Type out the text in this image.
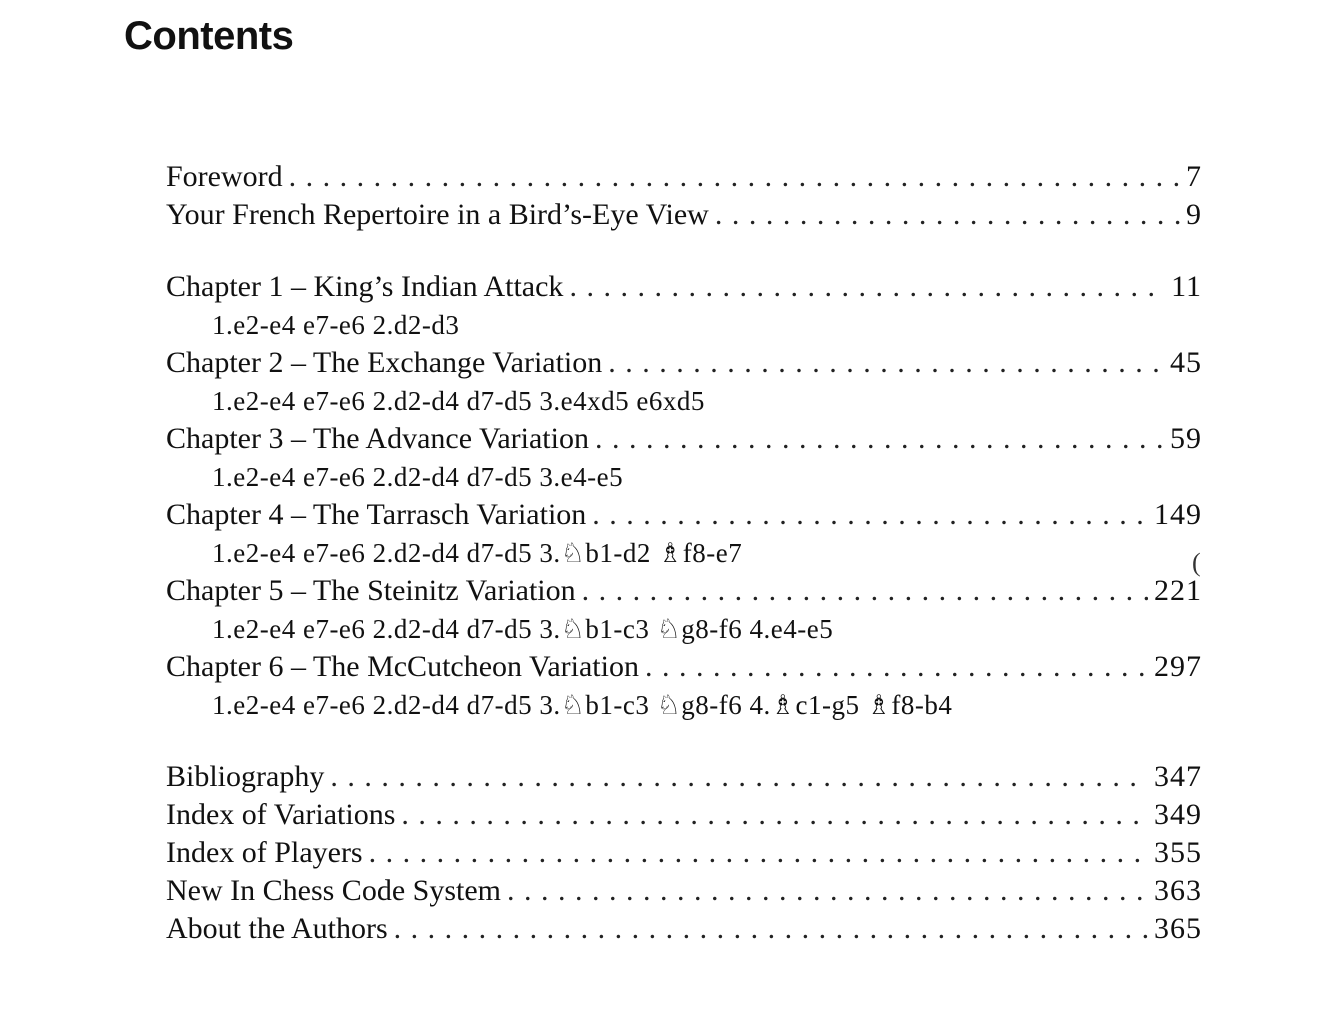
Contents
Foreword . . .	7
Your French Repertoire in a Bird’s-Eye View . . .	9
Chapter 1 – King’s Indian Attack . . .	11
1.e2-e4 e7-e6 2.d2-d3
Chapter 2 – The Exchange Variation . . .	45
1.e2-e4 e7-e6 2.d2-d4 d7-d5 3.e4xd5 e6xd5
Chapter 3 – The Advance Variation . . .	59
1.e2-e4 e7-e6 2.d2-d4 d7-d5 3.e4-e5
Chapter 4 – The Tarrasch Variation . . .	149
1.e2-e4 e7-e6 2.d2-d4 d7-d5 3.♘b1-d2 ♗f8-e7
Chapter 5 – The Steinitz Variation . . .	221
1.e2-e4 e7-e6 2.d2-d4 d7-d5 3.♘b1-c3 ♘g8-f6 4.e4-e5
Chapter 6 – The McCutcheon Variation . . .	297
1.e2-e4 e7-e6 2.d2-d4 d7-d5 3.♘b1-c3 ♘g8-f6 4.♗c1-g5 ♗f8-b4
Bibliography . . .	347
Index of Variations . . .	349
Index of Players . . .	355
New In Chess Code System . . .	363
About the Authors . . .	365
(
